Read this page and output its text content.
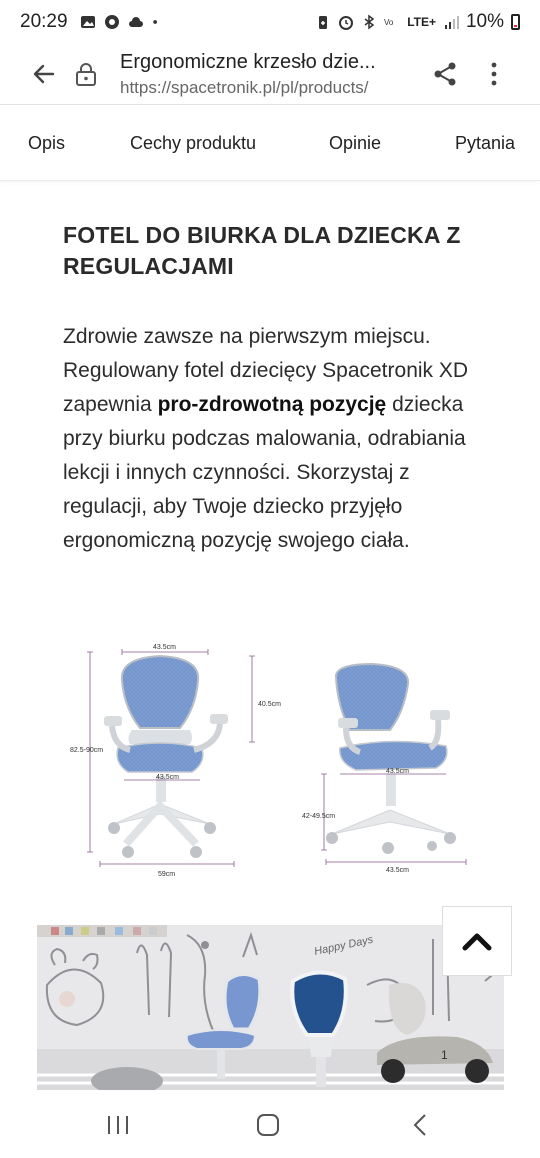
20:29	Vo LTE+ 10%
Ergonomiczne krzesło dzie...
https://spacetronik.pl/pl/products/
Opis	Cechy produktu	Opinie	Pytania
FOTEL DO BIURKA DLA DZIECKA Z REGULACJAMI

Zdrowie zawsze na pierwszym miejscu. Regulowany fotel dziecięcy Spacetronik XD zapewnia pro-zdrowotną pozycję dziecka przy biurku podczas malowania, odrabiania lekcji i innych czynności. Skorzystaj z regulacji, aby Twoje dziecko przyjęło ergonomiczną pozycję swojego ciała.

43.5cm
40.5cm
82.5-90cm
43.5cm
59cm
43.5cm
42-49.5cm
43.5cm
Happy Days
1
